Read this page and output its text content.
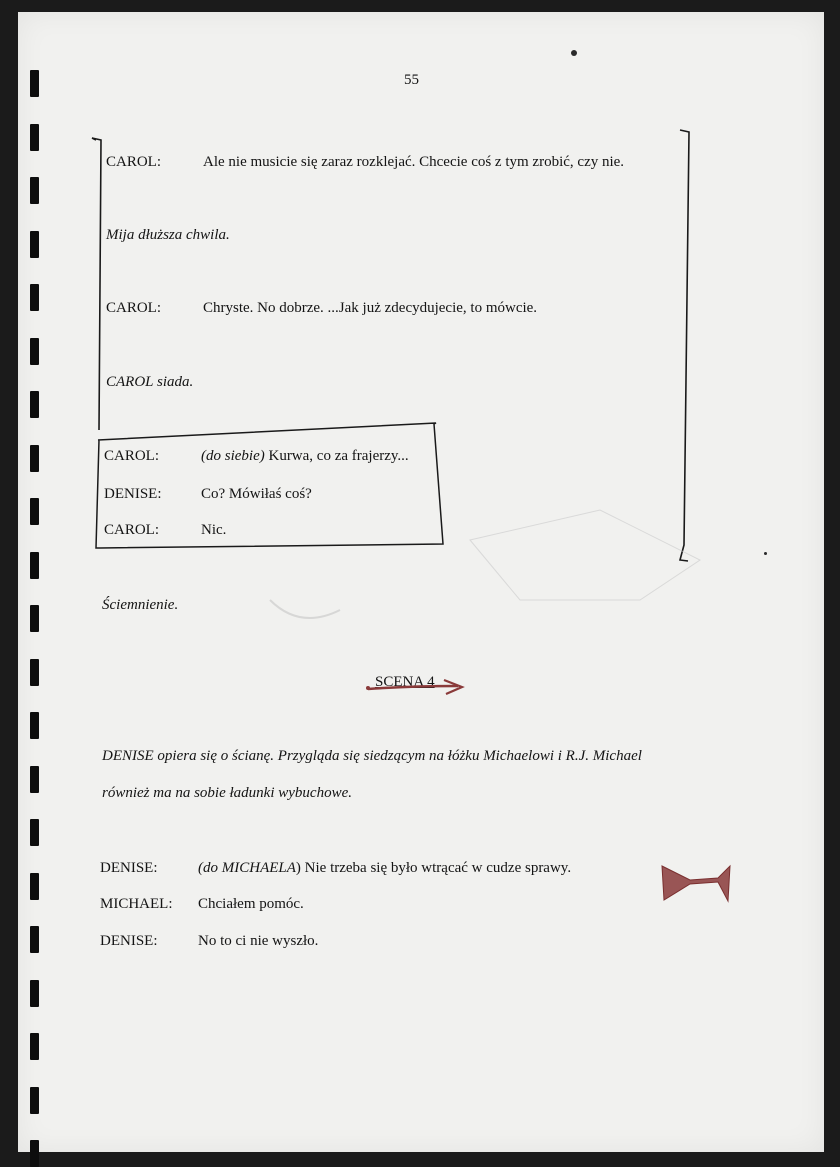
55
CAROL:	Ale nie musicie się zaraz rozklejać. Chcecie coś z tym zrobić, czy nie.
Mija dłuższa chwila.
CAROL:	Chryste. No dobrze. ...Jak już zdecydujecie, to mówcie.
CAROL siada.
CAROL:	(do siebie) Kurwa, co za frajerzy...
DENISE:	Co? Mówiłaś coś?
CAROL:	Nic.
Ściemnienie.
SCENA 4
DENISE opiera się o ścianę. Przygląda się siedzącym na łóżku Michaelowi i R.J. Michael
również ma na sobie ładunki wybuchowe.
DENISE:	(do MICHAELA) Nie trzeba się było wtrącać w cudze sprawy.
MICHAEL: Chciałem pomóc.
DENISE:	No to ci nie wyszło.
